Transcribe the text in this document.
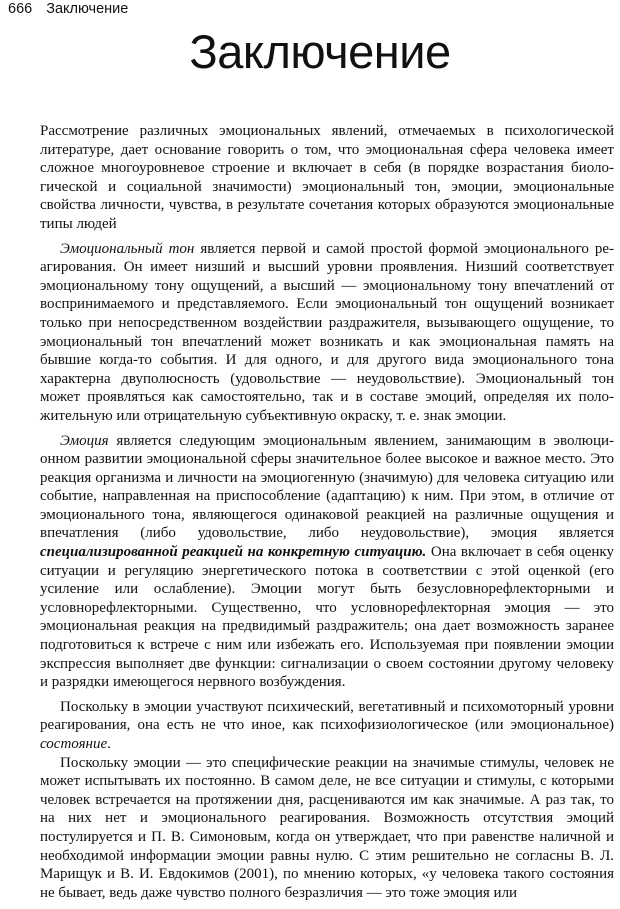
666 Заключение
Заключение

Рассмотрение различных эмоциональных явлений, отмечаемых в психологической литературе, дает основание говорить о том, что эмоциональная сфера человека имеет сложное многоуровневое строение и включает в себя (в порядке возрастания биологической и социальной значимости) эмоциональный тон, эмоции, эмоциональные свойства личности, чувства, в результате сочетания которых образуются эмоциональные типы людей

Эмоциональный тон является первой и самой простой формой эмоционального реагирования. Он имеет низший и высший уровни проявления. Низший соответствует эмоциональному тону ощущений, а высший — эмоциональному тону впечатлений от воспринимаемого и представляемого. Если эмоциональный тон ощущений возникает только при непосредственном воздействии раздражителя, вызывающего ощущение, то эмоциональный тон впечатлений может возникать и как эмоциональная память на бывшие когда-то события. И для одного, и для другого вида эмоционального тона характерна двуполюсность (удовольствие — неудовольствие). Эмоциональный тон может проявляться как самостоятельно, так и в составе эмоций, определяя их положительную или отрицательную субъективную окраску, т. е. знак эмоции.

Эмоция является следующим эмоциональным явлением, занимающим в эволюционном развитии эмоциональной сферы значительное более высокое и важное место. Это реакция организма и личности на эмоциогенную (значимую) для человека ситуацию или событие, направленная на приспособление (адаптацию) к ним. При этом, в отличие от эмоционального тона, являющегося одинаковой реакцией на различные ощущения и впечатления (либо удовольствие, либо неудовольствие), эмоция является специализированной реакцией на конкретную ситуацию. Она включает в себя оценку ситуации и регуляцию энергетического потока в соответствии с этой оценкой (его усиление или ослабление). Эмоции могут быть безусловнорефлекторными и условнорефлекторными. Существенно, что условнорефлекторная эмоция — это эмоциональная реакция на предвидимый раздражитель; она дает возможность заранее подготовиться к встрече с ним или избежать его. Используемая при появлении эмоции экспрессия выполняет две функции: сигнализации о своем состоянии другому человеку и разрядки имеющегося нервного возбуждения.

Поскольку в эмоции участвуют психический, вегетативный и психомоторный уровни реагирования, она есть не что иное, как психофизиологическое (или эмоциональное) состояние.

Поскольку эмоции — это специфические реакции на значимые стимулы, человек не может испытывать их постоянно. В самом деле, не все ситуации и стимулы, с которыми человек встречается на протяжении дня, расцениваются им как значимые. А раз так, то на них нет и эмоционального реагирования. Возможность отсутствия эмоций постулируется и П. В. Симоновым, когда он утверждает, что при равенстве наличной и необходимой информации эмоции равны нулю. С этим решительно не согласны В. Л. Марищук и В. И. Евдокимов (2001), по мнению которых, «у человека такого состояния не бывает, ведь даже чувство полного безразличия — это тоже эмоция или
